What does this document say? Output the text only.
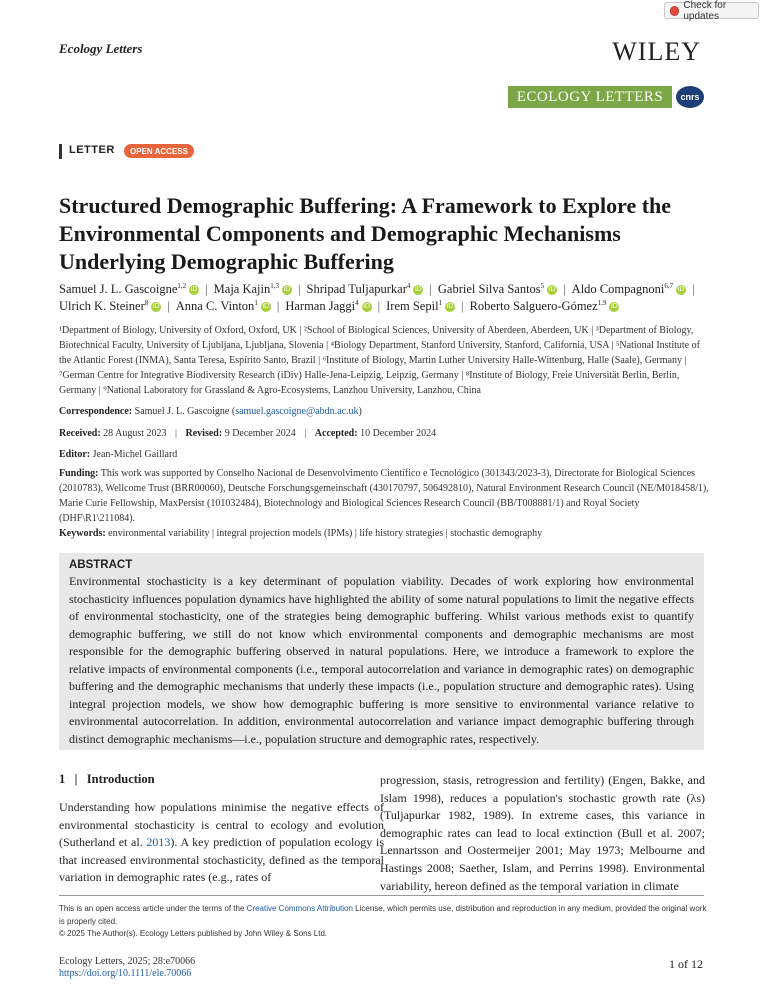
Check for updates
Ecology Letters	WILEY
ECOLOGY LETTERS	cnrs
LETTER	OPEN ACCESS
Structured Demographic Buffering: A Framework to Explore the Environmental Components and Demographic Mechanisms Underlying Demographic Buffering
Samuel J. L. Gascoigne$^{1,2}$ iD | Maja Kajin$^{1,3}$ iD | Shripad Tuljapurkar$^4$ iD | Gabriel Silva Santos$^5$ iD | Aldo Compagnoni$^{6,7}$ iD |
Ulrich K. Steiner$^8$ iD | Anna C. Vinton$^1$ iD | Harman Jaggi$^4$ iD | Irem Sepil$^1$ iD | Roberto Salguero-Gómez$^{1,9}$ iD
¹Department of Biology, University of Oxford, Oxford, UK | ²School of Biological Sciences, University of Aberdeen, Aberdeen, UK | ³Department of Biology, Biotechnical Faculty, University of Ljubljana, Ljubljana, Slovenia | ⁴Biology Department, Stanford University, Stanford, California, USA | ⁵National Institute of the Atlantic Forest (INMA), Santa Teresa, Espírito Santo, Brazil | ⁶Institute of Biology, Martin Luther University Halle-Wittenburg, Halle (Saale), Germany | ⁷German Centre for Integrative Biodiversity Research (iDiv) Halle-Jena-Leipzig, Leipzig, Germany | ⁸Institute of Biology, Freie Universität Berlin, Berlin, Germany | ⁹National Laboratory for Grassland & Agro-Ecosystems, Lanzhou University, Lanzhou, China
Correspondence: Samuel J. L. Gascoigne (samuel.gascoigne@abdn.ac.uk)
Received: 28 August 2023 | Revised: 9 December 2024 | Accepted: 10 December 2024
Editor: Jean-Michel Gaillard
Funding: This work was supported by Conselho Nacional de Desenvolvimento Científico e Tecnológico (301343/2023-3), Directorate for Biological Sciences (2010783), Wellcome Trust (BRR00060), Deutsche Forschungsgemeinschaft (430170797, 506492810), Natural Environment Research Council (NE/M018458/1), Marie Curie Fellowship, MaxPersist (101032484), Biotechnology and Biological Sciences Research Council (BB/T008881/1) and Royal Society (DHF\R1\211084).
Keywords: environmental variability | integral projection models (IPMs) | life history strategies | stochastic demography
ABSTRACT
Environmental stochasticity is a key determinant of population viability. Decades of work exploring how environmental stochasticity influences population dynamics have highlighted the ability of some natural populations to limit the negative effects of environmental stochasticity, one of the strategies being demographic buffering. Whilst various methods exist to quantify demographic buffering, we still do not know which environmental components and demographic mechanisms are most responsible for the demographic buffering observed in natural populations. Here, we introduce a framework to explore the relative impacts of environmental components (i.e., temporal autocorrelation and variance in demographic rates) on demographic buffering and the demographic mechanisms that underly these impacts (i.e., population structure and demographic rates). Using integral projection models, we show how demographic buffering is more sensitive to environmental variance relative to environmental autocorrelation. In addition, environmental autocorrelation and variance impact demographic buffering through distinct demographic mechanisms—i.e., population structure and demographic rates, respectively.
1   |   Introduction
Understanding how populations minimise the negative effects of environmental stochasticity is central to ecology and evolution (Sutherland et al. 2013). A key prediction of population ecology is that increased environmental stochasticity, defined as the temporal variation in demographic rates (e.g., rates of
progression, stasis, retrogression and fertility) (Engen, Bakke, and Islam 1998), reduces a population's stochastic growth rate (λs) (Tuljapurkar 1982, 1989). In extreme cases, this variance in demographic rates can lead to local extinction (Bull et al. 2007; Lennartsson and Oostermeijer 2001; May 1973; Melbourne and Hastings 2008; Saether, Islam, and Perrins 1998). Environmental variability, hereon defined as the temporal variation in climate
This is an open access article under the terms of the Creative Commons Attribution License, which permits use, distribution and reproduction in any medium, provided the original work is properly cited.
© 2025 The Author(s). Ecology Letters published by John Wiley & Sons Ltd.
Ecology Letters, 2025; 28:e70066
https://doi.org/10.1111/ele.70066
1 of 12
